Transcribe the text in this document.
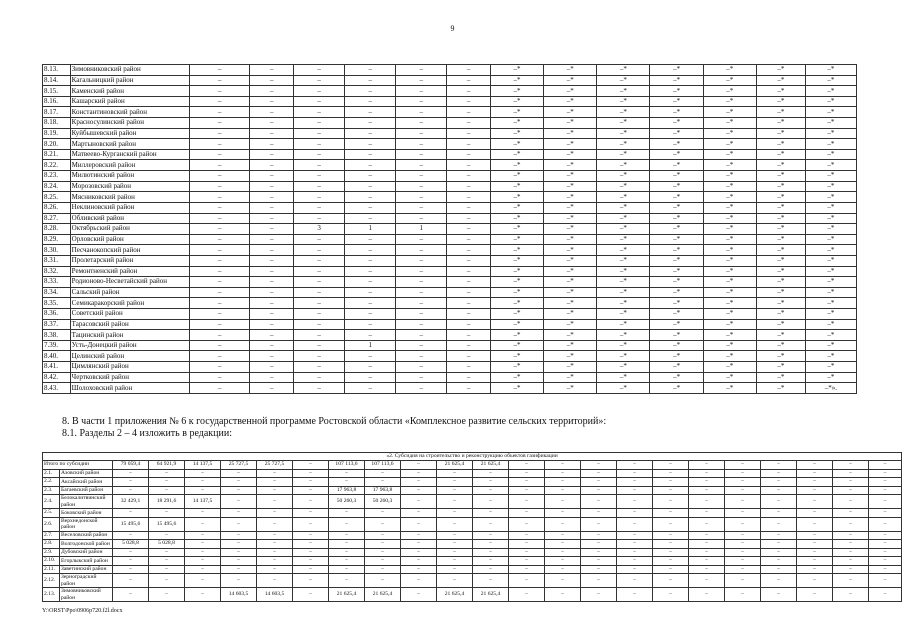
9
8.13.	Зимовниковский район	–	–	–	–	–	–	–*	–*	–*	–*	–*	–*	–*
8.14.	Кагальницкий район	–	–	–	–	–	–	–*	–*	–*	–*	–*	–*	–*
8.15.	Каменский район	–	–	–	–	–	–	–*	–*	–*	–*	–*	–*	–*
8.16.	Кашарский район	–	–	–	–	–	–	–*	–*	–*	–*	–*	–*	–*
8.17.	Константиновский район	–	–	–	–	–	–	–*	–*	–*	–*	–*	–*	–*
8.18.	Красносулинский район	–	–	–	–	–	–	–*	–*	–*	–*	–*	–*	–*
8.19.	Куйбышевский район	–	–	–	–	–	–	–*	–*	–*	–*	–*	–*	–*
8.20.	Мартыновский район	–	–	–	–	–	–	–*	–*	–*	–*	–*	–*	–*
8.21.	Матвеево-Курганский район	–	–	–	–	–	–	–*	–*	–*	–*	–*	–*	–*
8.22.	Миллеровский район	–	–	–	–	–	–	–*	–*	–*	–*	–*	–*	–*
8.23.	Милютинский район	–	–	–	–	–	–	–*	–*	–*	–*	–*	–*	–*
8.24.	Морозовский район	–	–	–	–	–	–	–*	–*	–*	–*	–*	–*	–*
8.25.	Мясниковский район	–	–	–	–	–	–	–*	–*	–*	–*	–*	–*	–*
8.26.	Неклиновский район	–	–	–	–	–	–	–*	–*	–*	–*	–*	–*	–*
8.27.	Обливский район	–	–	–	–	–	–	–*	–*	–*	–*	–*	–*	–*
8.28.	Октябрьский район	–	–	3	1	1	–	–*	–*	–*	–*	–*	–*	–*
8.29.	Орловский район	–	–	–	–	–	–	–*	–*	–*	–*	–*	–*	–*
8.30.	Песчанокопский район	–	–	–	–	–	–	–*	–*	–*	–*	–*	–*	–*
8.31.	Пролетарский район	–	–	–	–	–	–	–*	–*	–*	–*	–*	–*	–*
8.32.	Ремонтненский район	–	–	–	–	–	–	–*	–*	–*	–*	–*	–*	–*
8.33.	Родионово-Несветайский район	–	–	–	–	–	–	–*	–*	–*	–*	–*	–*	–*
8.34.	Сальский район	–	–	–	–	–	–	–*	–*	–*	–*	–*	–*	–*
8.35.	Семикаракорский район	–	–	–	–	–	–	–*	–*	–*	–*	–*	–*	–*
8.36.	Советский район	–	–	–	–	–	–	–*	–*	–*	–*	–*	–*	–*
8.37.	Тарасовский район	–	–	–	–	–	–	–*	–*	–*	–*	–*	–*	–*
8.38.	Тацинский район	–	–	–	–	–	–	–*	–*	–*	–*	–*	–*	–*
7.39.	Усть-Донецкий район	–	–	–	1	–	–	–*	–*	–*	–*	–*	–*	–*
8.40.	Целинский район	–	–	–	–	–	–	–*	–*	–*	–*	–*	–*	–*
8.41.	Цимлянский район	–	–	–	–	–	–	–*	–*	–*	–*	–*	–*	–*
8.42.	Чертковский район	–	–	–	–	–	–	–*	–*	–*	–*	–*	–*	–*
8.43.	Шолоховский район	–	–	–	–	–	–	–*	–*	–*	–*	–*	–*	–*».
8. В части 1 приложения № 6 к государственной программе Ростовской области «Комплексное развитие сельских территорий»:
8.1. Разделы 2 – 4 изложить в редакции:
«2. Субсидия на строительство и реконструкцию объектов газификации																							
Итого по субсидии		79 059,4	64 921,9	14 137,5	25 727,5	25 727,5	–	107 113,6	107 113,6	–	21 625,4	21 625,4	–	–	–	–	–	–	–	–	–	–	–
2.1.	Азовский район	–	–	–	–	–	–	–	–	–	–	–	–	–	–	–	–	–	–	–	–	–	–
2.2.	Аксайский район	–	–	–	–	–	–	–	–	–	–	–	–	–	–	–	–	–	–	–	–	–	–
2.3.	Багаевский район	–	–	–	–	–	–	17 963,8	17 963,8	–	–	–	–	–	–	–	–	–	–	–	–	–	–
2.4.	Белокалитвинский район	32 429,1	18 291,6	14 137,5	–	–	–	50 260,3	50 260,3	–	–	–	–	–	–	–	–	–	–	–	–	–	–
2.5.	Боковский район	–	–	–	–	–	–	–	–	–	–	–	–	–	–	–	–	–	–	–	–	–	–
2.6.	Верхнедонской район	15 495,6	15 495,6	–	–	–	–	–	–	–	–	–	–	–	–	–	–	–	–	–	–	–	–
2.7.	Веселовский район	–	–	–	–	–	–	–	–	–	–	–	–	–	–	–	–	–	–	–	–	–	–
2.8.	Волгодонской район	5 028,8	5 028,8	–	–	–	–	–	–	–	–	–	–	–	–	–	–	–	–	–	–	–	–
2.9.	Дубовский район	–	–	–	–	–	–	–	–	–	–	–	–	–	–	–	–	–	–	–	–	–	–
2.10.	Егорлыкский район	–	–	–	–	–	–	–	–	–	–	–	–	–	–	–	–	–	–	–	–	–	–
2.11.	Заветинский район	–	–	–	–	–	–	–	–	–	–	–	–	–	–	–	–	–	–	–	–	–	–
2.12.	Зерноградский район	–	–	–	–	–	–	–	–	–	–	–	–	–	–	–	–	–	–	–	–	–	–
2.13.	Зимовниковский район	–	–	–	14 603,5	14 603,5	–	21 625,4	21 625,4	–	21 625,4	21 625,4	–	–	–	–	–	–	–	–	–	–	–
Y:\ORST\Ppo\0906p720.f2l.docx
